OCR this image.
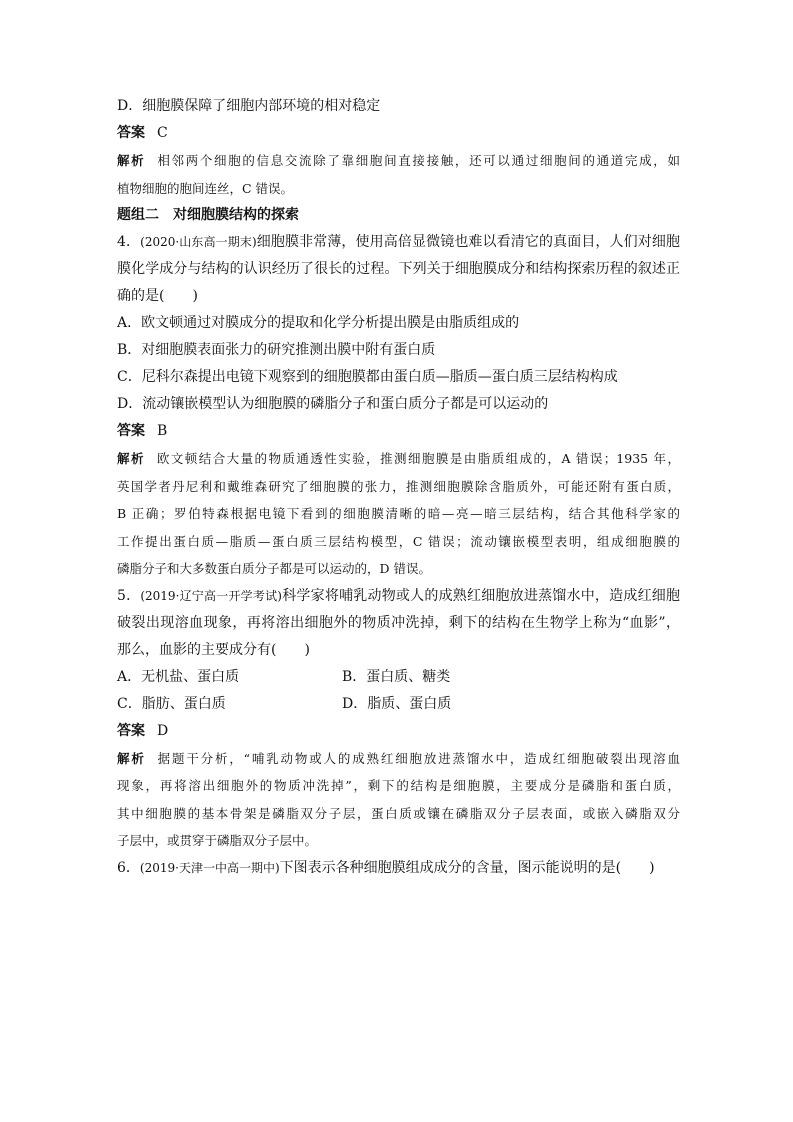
D．细胞膜保障了细胞内部环境的相对稳定
答案 C
解析 相邻两个细胞的信息交流除了靠细胞间直接接触，还可以通过细胞间的通道完成，如
植物细胞的胞间连丝，C 错误。
题组二　对细胞膜结构的探索
4．(2020·山东高一期末)细胞膜非常薄，使用高倍显微镜也难以看清它的真面目，人们对细胞
膜化学成分与结构的认识经历了很长的过程。下列关于细胞膜成分和结构探索历程的叙述正
确的是(　　)
A．欧文顿通过对膜成分的提取和化学分析提出膜是由脂质组成的
B．对细胞膜表面张力的研究推测出膜中附有蛋白质
C．尼科尔森提出电镜下观察到的细胞膜都由蛋白质—脂质—蛋白质三层结构构成
D．流动镶嵌模型认为细胞膜的磷脂分子和蛋白质分子都是可以运动的
答案 B
解析 欧文顿结合大量的物质通透性实验，推测细胞膜是由脂质组成的，A 错误；1935 年，
英国学者丹尼利和戴维森研究了细胞膜的张力，推测细胞膜除含脂质外，可能还附有蛋白质，
B 正确；罗伯特森根据电镜下看到的细胞膜清晰的暗—亮—暗三层结构，结合其他科学家的
工作提出蛋白质—脂质—蛋白质三层结构模型，C 错误；流动镶嵌模型表明，组成细胞膜的
磷脂分子和大多数蛋白质分子都是可以运动的，D 错误。
5．(2019·辽宁高一开学考试)科学家将哺乳动物或人的成熟红细胞放进蒸馏水中，造成红细胞
破裂出现溶血现象，再将溶出细胞外的物质冲洗掉，剩下的结构在生物学上称为“血影”，
那么，血影的主要成分有(　　)
A．无机盐、蛋白质	B．蛋白质、糖类
C．脂肪、蛋白质	D．脂质、蛋白质
答案 D
解析 据题干分析，“哺乳动物或人的成熟红细胞放进蒸馏水中，造成红细胞破裂出现溶血
现象，再将溶出细胞外的物质冲洗掉”，剩下的结构是细胞膜，主要成分是磷脂和蛋白质，
其中细胞膜的基本骨架是磷脂双分子层，蛋白质或镶在磷脂双分子层表面，或嵌入磷脂双分
子层中，或贯穿于磷脂双分子层中。
6．(2019·天津一中高一期中)下图表示各种细胞膜组成成分的含量，图示能说明的是(　　)
